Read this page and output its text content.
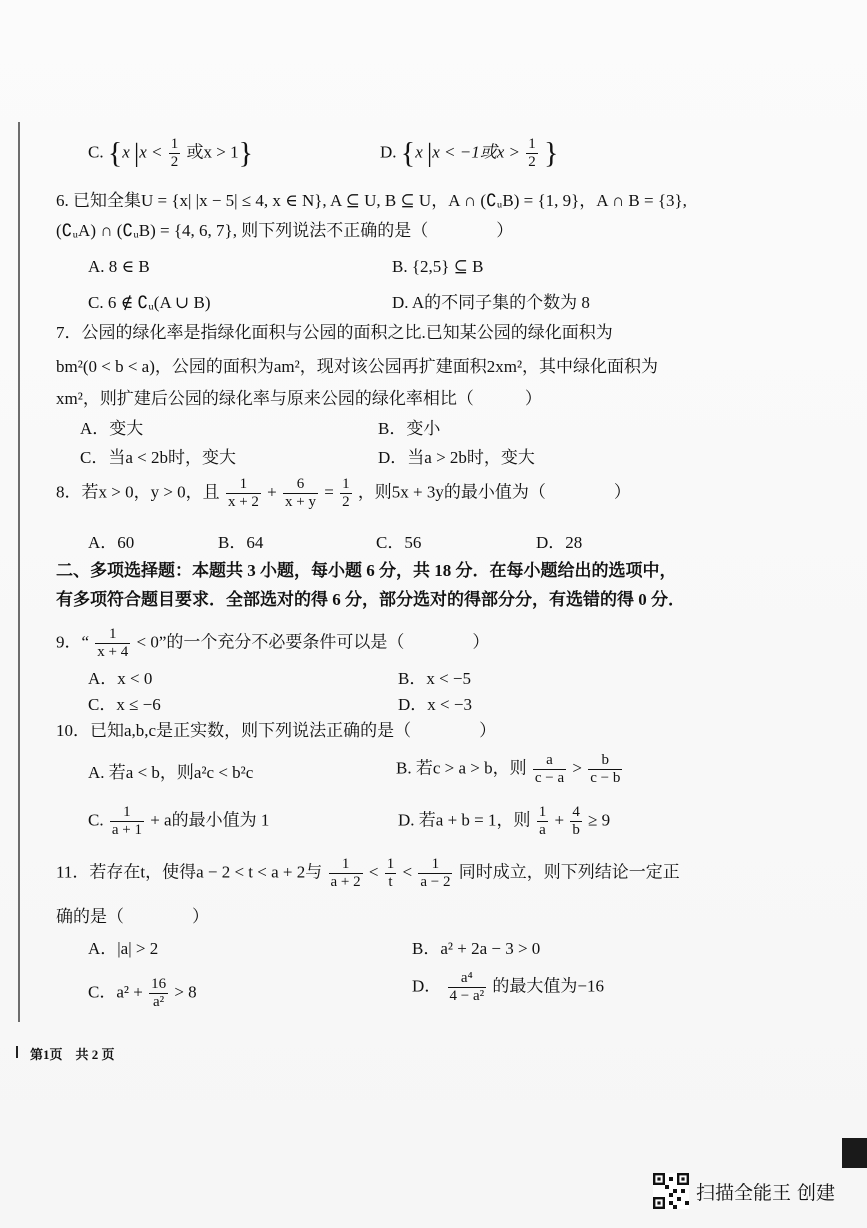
C. {x $|x < \frac{1}{2}$ 或x > 1}	D. {x |x < −1或$x > \frac{1}{2}$ }
6. 已知全集U = {x| |x − 5| ≤ 4, x ∈ N}, A ⊆ U, B ⊆ U，A ∩ (∁ᵤB) = {1, 9}，A ∩ B = {3},
(∁ᵤA) ∩ (∁ᵤB) = {4, 6, 7}, 则下列说法不正确的是（　　　　）
A. 8 ∈ B	B. {2,5} ⊆ B
C. 6 ∉ ∁ᵤ(A ∪ B)	D. A的不同子集的个数为 8
7．公园的绿化率是指绿化面积与公园的面积之比.已知某公园的绿化面积为
bm²(0 < b < a)，公园的面积为am²，现对该公园再扩建面积2xm²，其中绿化面积为
xm²，则扩建后公园的绿化率与原来公园的绿化率相比（　　　）
A．变大	B．变小
C．当a < 2b时，变大	D．当a > 2b时，变大
8．若x > 0，y > 0，且 $\frac{1}{x + 2} + \frac{6}{x + y} = \frac{1}{2}$ ，则5x + 3y的最小值为（　　　　）
A．60	B．64	C．56	D．28
二、多项选择题：本题共 3 小题，每小题 6 分，共 18 分．在每小题给出的选项中，
有多项符合题目要求．全部选对的得 6 分，部分选对的得部分分，有选错的得 0 分．
9．“ $\frac{1}{x + 4} < 0$”的一个充分不必要条件可以是（　　　　）
A．x < 0	B．x < −5
C．x ≤ −6	D．x < −3
10．已知a,b,c是正实数，则下列说法正确的是（　　　　）
A. 若a < b，则a²c < b²c	B. 若c > a > b，则 $\frac{a}{c - a} > \frac{b}{c - b}$
C. $\frac{1}{a + 1} + a$的最小值为 1	D. 若a + b = 1，则 $\frac{1}{a} + \frac{4}{b} \ge 9$
11．若存在t，使得a − 2 < t < a + 2与 $\frac{1}{a + 2} < \frac{1}{t} < \frac{1}{a - 2}$ 同时成立，则下列结论一定正
确的是（　　　　）
A．|a| > 2	B．a² + 2a − 3 > 0
C．$a^2 + \frac{16}{\text{a²}} > 8$	D． $\frac{\text{a⁴}}{\text{4 − a²}}$ 的最大值为−16
第1页　共 2 页
扫描全能王 创建
